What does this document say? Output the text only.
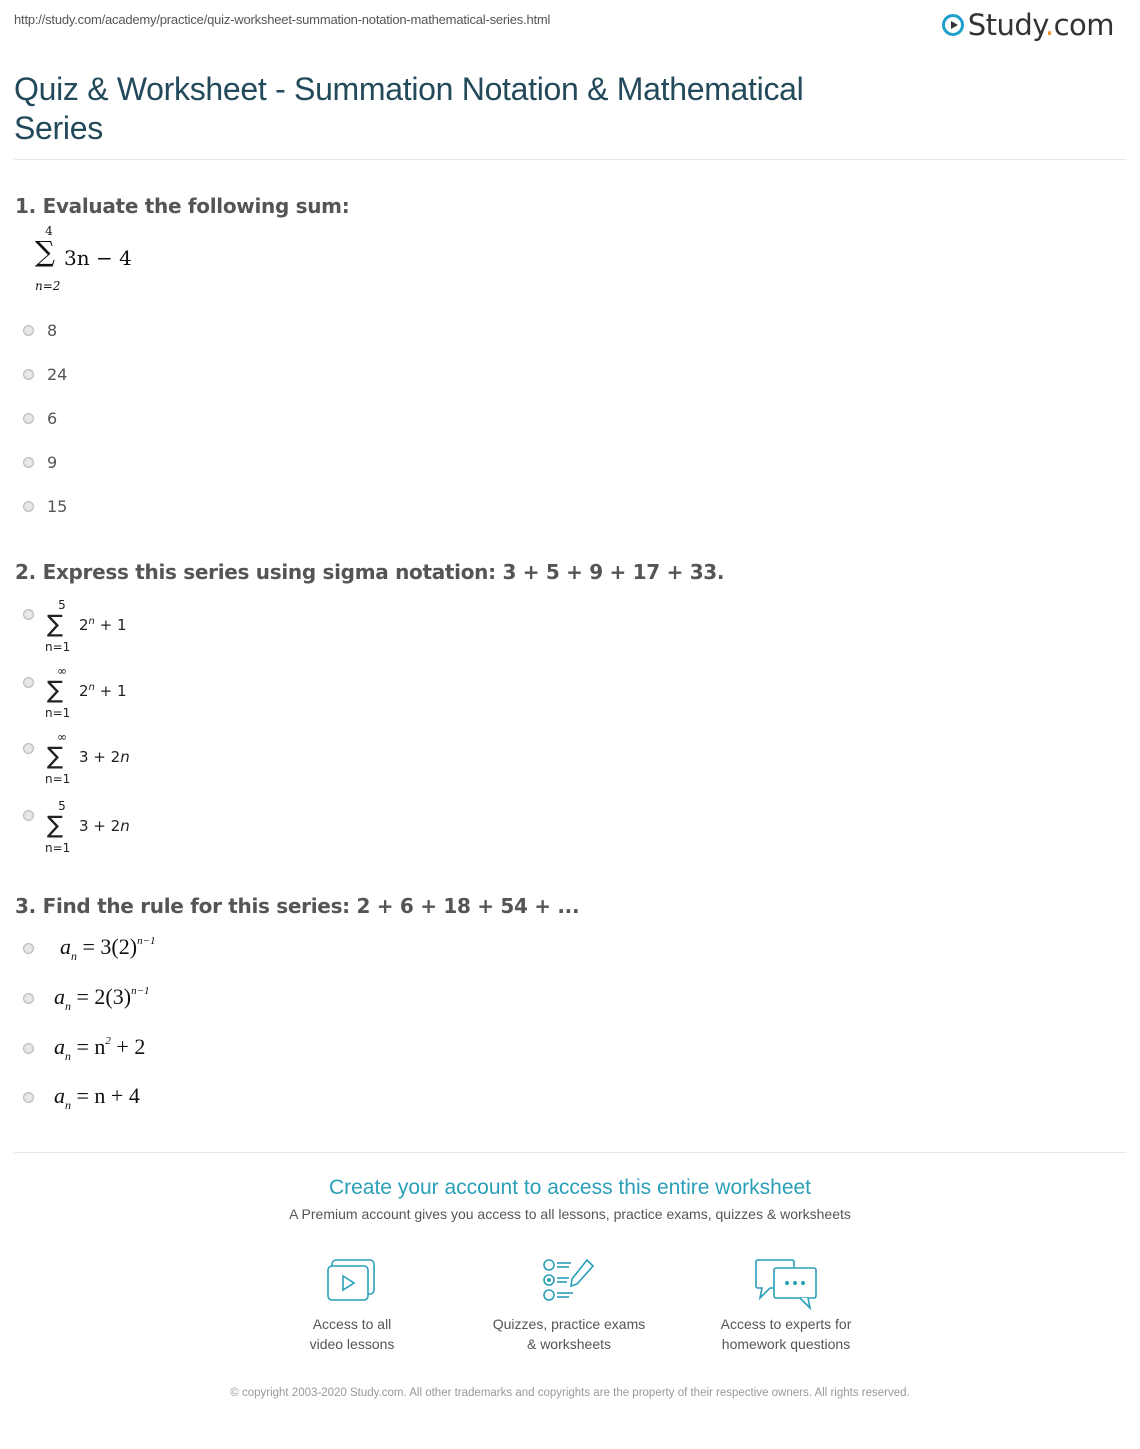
http://study.com/academy/practice/quiz-worksheet-summation-notation-mathematical-series.html	Study.com
Quiz & Worksheet - Summation Notation & Mathematical Series
1. Evaluate the following sum:
4
∑
n=2
3n − 4
8
24
6
9
15
2. Express this series using sigma notation: 3 + 5 + 9 + 17 + 33.
5
∑
n=1
$2^n + 1$
∞
∑
n=1
$2^n + 1$
∞
∑
n=1
3 + 2n
5
∑
n=1
3 + 2n
3. Find the rule for this series: 2 + 6 + 18 + 54 + ...
$a_n = 3(2)^{n-1}$
$a_n = 2(3)^{n-1}$
$a_n = n^2 + 2$
$a_n = n + 4$
Create your account to access this entire worksheet
A Premium account gives you access to all lessons, practice exams, quizzes & worksheets
Access to all
video lessons
Quizzes, practice exams
& worksheets
Access to experts for
homework questions
© copyright 2003-2020 Study.com. All other trademarks and copyrights are the property of their respective owners. All rights reserved.
